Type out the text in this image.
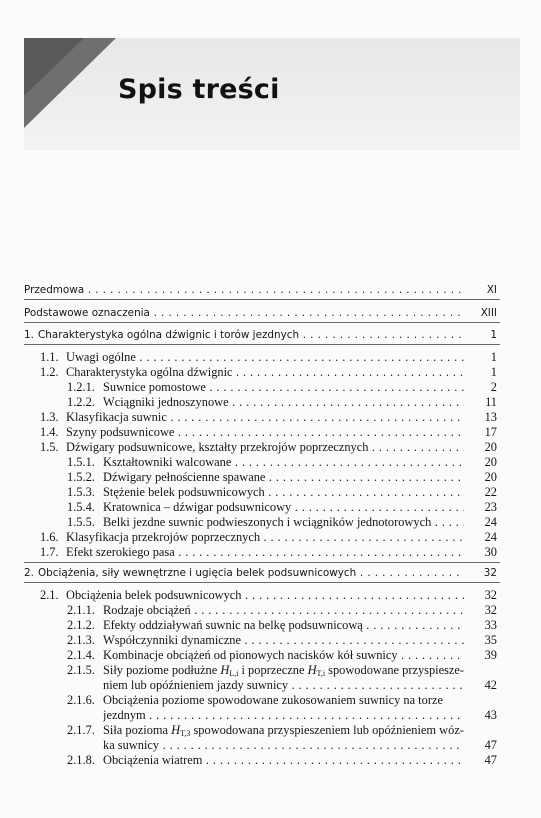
Spis treści
Przedmowa . . .	XI
Podstawowe oznaczenia . . .	XIII
1. Charakterystyka ogólna dźwignic i torów jezdnych . . .	1
1.1. Uwagi ogólne . . .	1
1.2. Charakterystyka ogólna dźwignic . . .	1
1.2.1. Suwnice pomostowe . . .	2
1.2.2. Wciągniki jednoszynowe . . .	11
1.3. Klasyfikacja suwnic . . .	13
1.4. Szyny podsuwnicowe . . .	17
1.5. Dźwigary podsuwnicowe, kształty przekrojów poprzecznych . . .	20
1.5.1. Kształtowniki walcowane . . .	20
1.5.2. Dźwigary pełnościenne spawane . . .	20
1.5.3. Stężenie belek podsuwnicowych . . .	22
1.5.4. Kratownica – dźwigar podsuwnicowy . . .	23
1.5.5. Belki jezdne suwnic podwieszonych i wciągników jednotorowych . . .	24
1.6. Klasyfikacja przekrojów poprzecznych . . .	24
1.7. Efekt szerokiego pasa . . .	30
2. Obciążenia, siły wewnętrzne i ugięcia belek podsuwnicowych . . .	32
2.1. Obciążenia belek podsuwnicowych . . .	32
2.1.1. Rodzaje obciążeń . . .	32
2.1.2. Efekty oddziaływań suwnic na belkę podsuwnicową . . .	33
2.1.3. Współczynniki dynamiczne . . .	35
2.1.4. Kombinacje obciążeń od pionowych nacisków kół suwnicy . . .	39
2.1.5. Siły poziome podłużne $H_{L,i}$ i poprzeczne $H_{T,i}$ spowodowane przyspiesze-
niem lub opóźnieniem jazdy suwnicy . . .	42
2.1.6. Obciążenia poziome spowodowane zukosowaniem suwnicy na torze
jezdnym . . .	43
2.1.7. Siła pozioma $H_{T,3}$ spowodowana przyspieszeniem lub opóźnieniem wóz-
ka suwnicy . . .	47
2.1.8. Obciążenia wiatrem . . .	47
